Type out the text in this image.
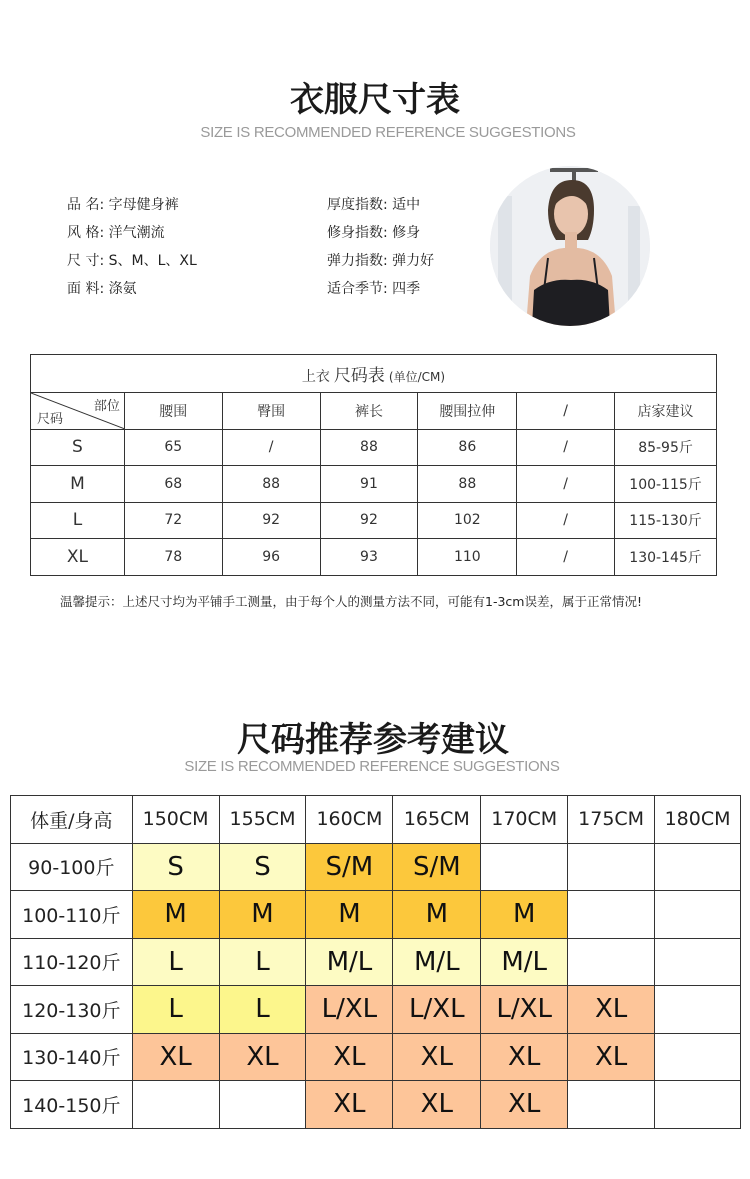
衣服尺寸表
SIZE IS RECOMMENDED REFERENCE SUGGESTIONS
品 名: 字母健身裤
风 格: 洋气潮流
尺 寸: S、M、L、XL
面 料: 涤氨
厚度指数: 适中
修身指数: 修身
弹力指数: 弹力好
适合季节: 四季
上衣 尺码表 (单位/CM)						

部位
尺码	腰围	臀围	裤长	腰围拉伸	/	店家建议
S	65	/	88	86	/	85-95斤
M	68	88	91	88	/	100-115斤
L	72	92	92	102	/	115-130斤
XL	78	96	93	110	/	130-145斤
温馨提示：上述尺寸均为平铺手工测量，由于每个人的测量方法不同，可能有1-3cm误差，属于正常情况!
尺码推荐参考建议
SIZE IS RECOMMENDED REFERENCE SUGGESTIONS
体重/身高	150CM	155CM	160CM	165CM	170CM	175CM	180CM
90-100斤	S	S	S/M	S/M			
100-110斤	M	M	M	M	M		
110-120斤	L	L	M/L	M/L	M/L		
120-130斤	L	L	L/XL	L/XL	L/XL	XL	
130-140斤	XL	XL	XL	XL	XL	XL	
140-150斤			XL	XL	XL		
